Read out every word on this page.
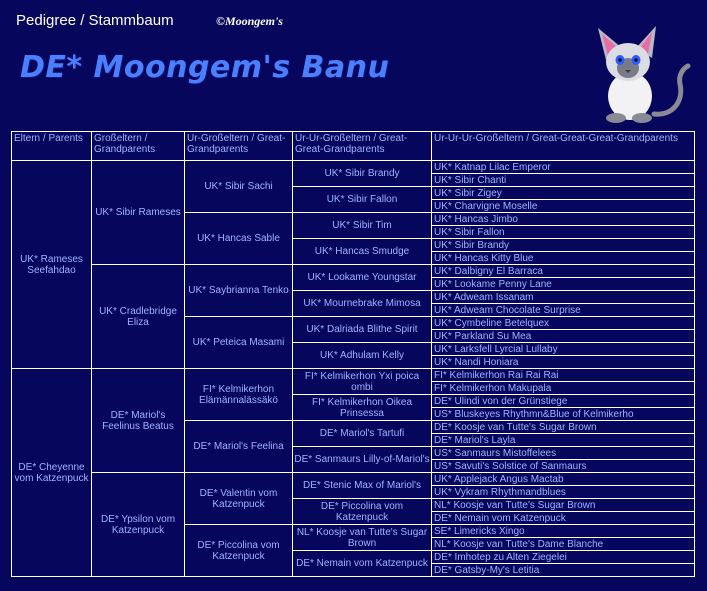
Pedigree / Stammbaum	©Moongem's
DE* Moongem's Banu
Eltern / Parents	Großeltern / Grandparents	Ur-Großeltern / Great-Grandparents	Ur-Ur-Großeltern / Great-Great-Grandparents	Ur-Ur-Ur-Großeltern / Great-Great-Great-Grandparents
UK* Rameses Seefahdao	UK* Sibir Rameses	UK* Sibir Sachi	UK* Sibir Brandy	UK* Katnap Lilac Emperor
				UK* Sibir Chanti
			UK* Sibir Fallon	UK* Sibir Zigey
				UK* Charvigne Moselle
		UK* Hancas Sable	UK* Sibir Tim	UK* Hancas Jimbo
				UK* Sibir Fallon
			UK* Hancas Smudge	UK* Sibir Brandy
				UK* Hancas Kitty Blue
	UK* Cradlebridge Eliza	UK* Saybrianna Tenko	UK* Lookame Youngstar	UK* Dalbigny El Barraca
				UK* Lookame Penny Lane
			UK* Mournebrake Mimosa	UK* Adweam Issanam
				UK* Adweam Chocolate Surprise
		UK* Peteica Masami	UK* Dalriada Blithe Spirit	UK* Cymbeline Betelquex
				UK* Parkland Su Mea
			UK* Adhulam Kelly	UK* Larksfell Lyrcial Lullaby
				UK* Nandi Honiara
DE* Cheyenne vom Katzenpuck	DE* Mariol's Feelinus Beatus	FI* Kelmikerhon Elämännalässäkö	FI* Kelmikerhon Yxi poica ombi	FI* Kelmikerhon Rai Rai Rai
				FI* Kelmikerhon Makupala
			FI* Kelmikerhon Oikea Prinsessa	DE* Ulindi von der Grünstiege
				US* Bluskeyes Rhythmn&Blue of Kelmikerho
		DE* Mariol's Feelina	DE* Mariol's Tartufi	DE* Koosje van Tutte's Sugar Brown
				DE* Mariol's Layla
			DE* Sanmaurs Lilly-of-Mariol's	US* Sanmaurs Mistoffelees
				US* Savuti's Solstice of Sanmaurs
	DE* Ypsilon vom Katzenpuck	DE* Valentin vom Katzenpuck	DE* Stenic Max of Mariol's	UK* Applejack Angus Mactab
				UK* Vykram Rhythmandblues
			DE* Piccolina vom Katzenpuck	NL* Koosje van Tutte's Sugar Brown
				DE* Nemain vom Katzenpuck
		DE* Piccolina vom Katzenpuck	NL* Koosje van Tutte's Sugar Brown	SE* Limericks Xingo
				NL* Koosje van Tutte's Dame Blanche
			DE* Nemain vom Katzenpuck	DE* Imhotep zu Alten Ziegelei
				DE* Gatsby-My's Letitia
